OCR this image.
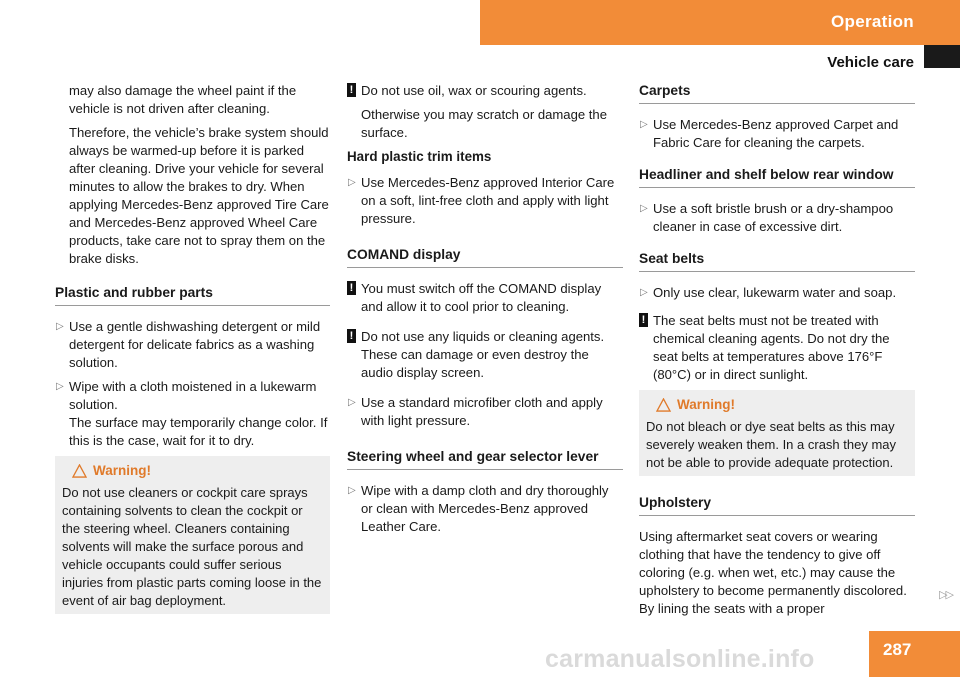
Operation
Vehicle care

may also damage the wheel paint if the vehicle is not driven after cleaning.

Therefore, the vehicle’s brake system should always be warmed-up before it is parked after cleaning. Drive your vehicle for several minutes to allow the brakes to dry. When applying Mercedes-Benz approved Tire Care and Mercedes-Benz approved Wheel Care products, take care not to spray them on the brake disks.

Plastic and rubber parts
▷ Use a gentle dishwashing detergent or mild detergent for delicate fabrics as a washing solution.
▷ Wipe with a cloth moistened in a lukewarm solution.
The surface may temporarily change color. If this is the case, wait for it to dry.
Warning!
Do not use cleaners or cockpit care sprays containing solvents to clean the cockpit or the steering wheel. Cleaners containing solvents will make the surface porous and vehicle occupants could suffer serious injuries from plastic parts coming loose in the event of air bag deployment.
! Do not use oil, wax or scouring agents.

Otherwise you may scratch or damage the surface.

Hard plastic trim items
▷ Use Mercedes-Benz approved Interior Care on a soft, lint-free cloth and apply with light pressure.
COMAND display
! You must switch off the COMAND display and allow it to cool prior to cleaning.
! Do not use any liquids or cleaning agents. These can damage or even destroy the audio display screen.
▷ Use a standard microfiber cloth and apply with light pressure.
Steering wheel and gear selector lever
▷ Wipe with a damp cloth and dry thoroughly or clean with Mercedes-Benz approved Leather Care.
Carpets
▷ Use Mercedes-Benz approved Carpet and Fabric Care for cleaning the carpets.
Headliner and shelf below rear window
▷ Use a soft bristle brush or a dry-shampoo cleaner in case of excessive dirt.
Seat belts
▷ Only use clear, lukewarm water and soap.
! The seat belts must not be treated with chemical cleaning agents. Do not dry the seat belts at temperatures above 176°F (80°C) or in direct sunlight.
Warning!
Do not bleach or dye seat belts as this may severely weaken them. In a crash they may not be able to provide adequate protection.
Upholstery

Using aftermarket seat covers or wearing clothing that have the tendency to give off coloring (e.g. when wet, etc.) may cause the upholstery to become permanently discolored. By lining the seats with a proper

▷▷
carmanualsonline.info	287
